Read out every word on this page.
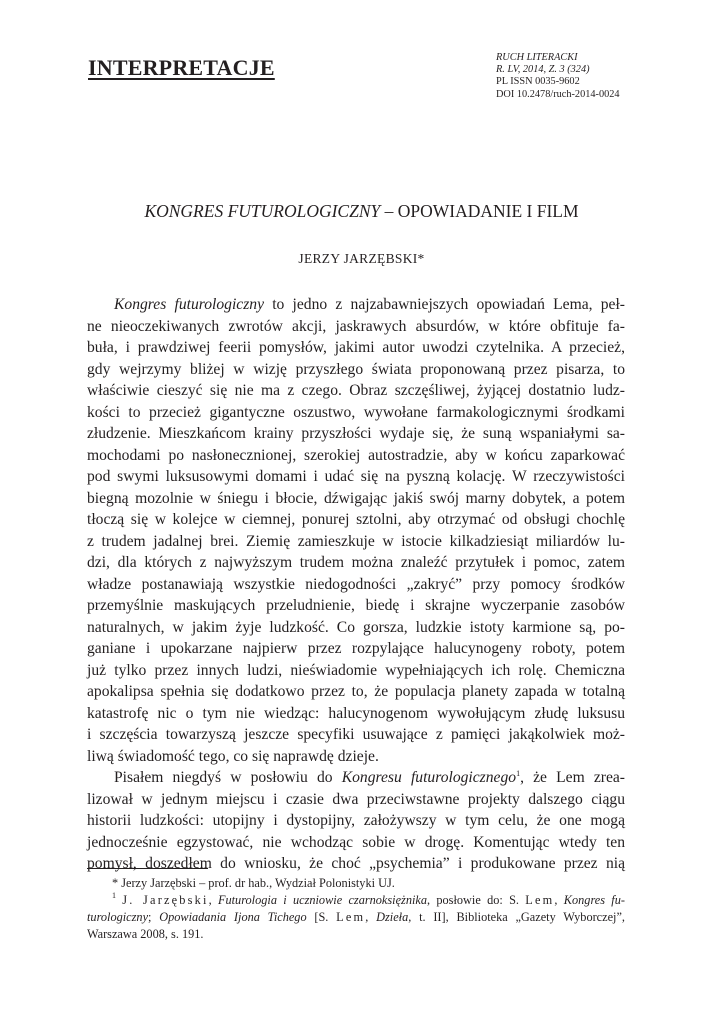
INTERPRETACJE	RUCH LITERACKI
R. LV, 2014, Z. 3 (324)
PL ISSN 0035-9602
DOI 10.2478/ruch-2014-0024
KONGRES FUTUROLOGICZNY – OPOWIADANIE I FILM
JERZY JARZĘBSKI*
Kongres futurologiczny to jedno z najzabawniejszych opowiadań Lema, peł-
ne nieoczekiwanych zwrotów akcji, jaskrawych absurdów, w które obfituje fa-
buła, i prawdziwej feerii pomysłów, jakimi autor uwodzi czytelnika. A przecież,
gdy wejrzymy bliżej w wizję przyszłego świata proponowaną przez pisarza, to
właściwie cieszyć się nie ma z czego. Obraz szczęśliwej, żyjącej dostatnio ludz-
kości to przecież gigantyczne oszustwo, wywołane farmakologicznymi środkami
złudzenie. Mieszkańcom krainy przyszłości wydaje się, że suną wspaniałymi sa-
mochodami po nasłonecznionej, szerokiej autostradzie, aby w końcu zaparkować
pod swymi luksusowymi domami i udać się na pyszną kolację. W rzeczywistości
biegną mozolnie w śniegu i błocie, dźwigając jakiś swój marny dobytek, a potem
tłoczą się w kolejce w ciemnej, ponurej sztolni, aby otrzymać od obsługi chochlę
z trudem jadalnej brei. Ziemię zamieszkuje w istocie kilkadziesiąt miliardów lu-
dzi, dla których z najwyższym trudem można znaleźć przytułek i pomoc, zatem
władze postanawiają wszystkie niedogodności „zakryć” przy pomocy środków
przemyślnie maskujących przeludnienie, biedę i skrajne wyczerpanie zasobów
naturalnych, w jakim żyje ludzkość. Co gorsza, ludzkie istoty karmione są, po-
ganiane i upokarzane najpierw przez rozpylające halucynogeny roboty, potem
już tylko przez innych ludzi, nieświadomie wypełniających ich rolę. Chemiczna
apokalipsa spełnia się dodatkowo przez to, że populacja planety zapada w totalną
katastrofę nic o tym nie wiedząc: halucynogenom wywołującym złudę luksusu
i szczęścia towarzyszą jeszcze specyfiki usuwające z pamięci jakąkolwiek moż-
liwą świadomość tego, co się naprawdę dzieje.
Pisałem niegdyś w posłowiu do Kongresu futurologicznego$^1$, że Lem zrea-
lizował w jednym miejscu i czasie dwa przeciwstawne projekty dalszego ciągu
historii ludzkości: utopijny i dystopijny, założywszy w tym celu, że one mogą
jednocześnie egzystować, nie wchodząc sobie w drogę. Komentując wtedy ten
pomysł, doszedłem do wniosku, że choć „psychemia” i produkowane przez nią
* Jerzy Jarzębski – prof. dr hab., Wydział Polonistyki UJ.
$^1$ J. Jarzębski, Futurologia i uczniowie czarnoksiężnika, posłowie do: S. Lem, Kongres fu-
turologiczny; Opowiadania Ijona Tichego [S. Lem, Dzieła, t. II], Biblioteka „Gazety Wyborczej”,
Warszawa 2008, s. 191.
